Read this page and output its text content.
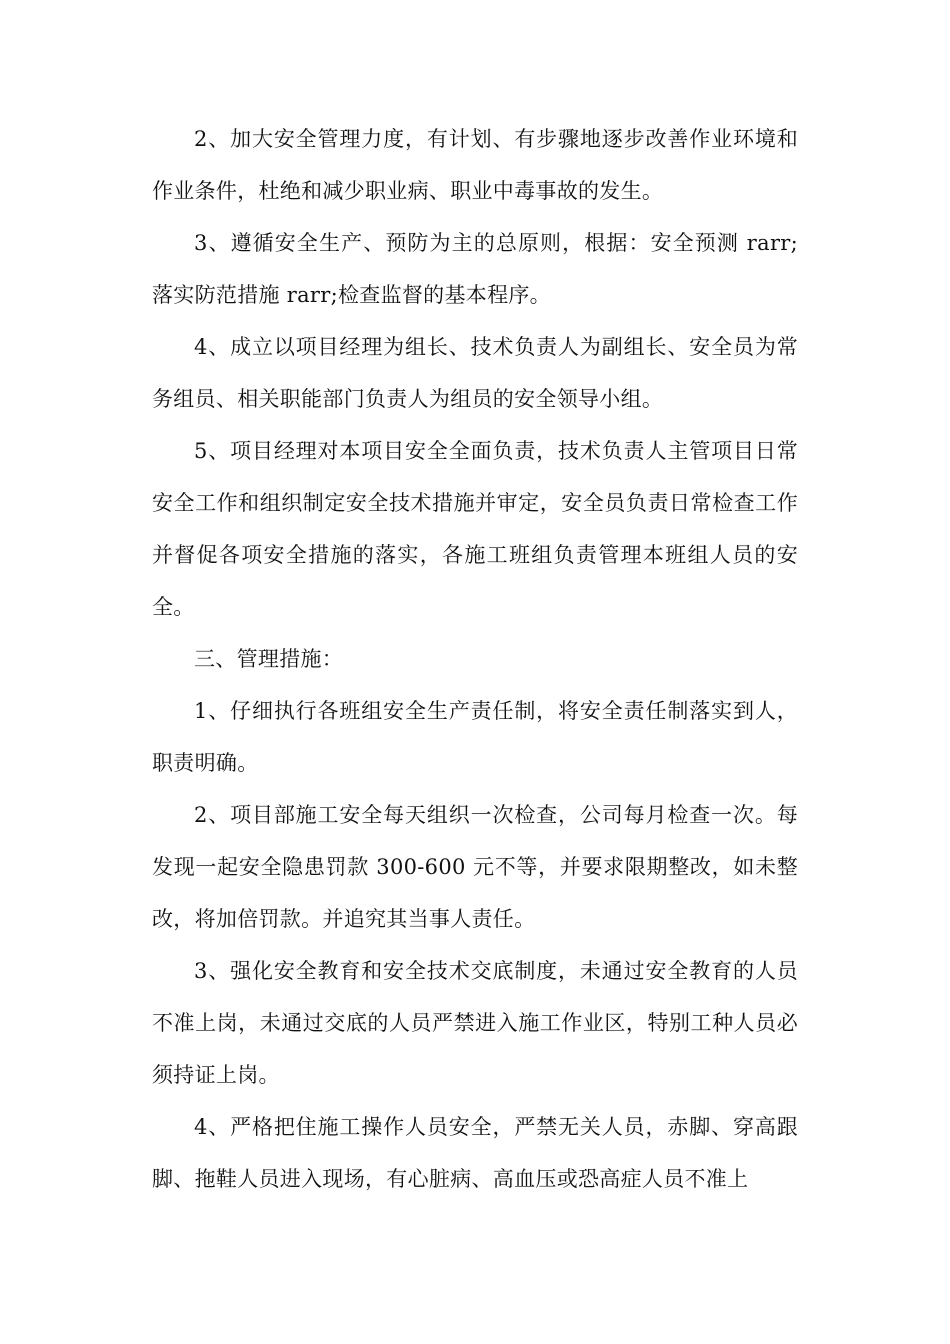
2、加大安全管理力度，有计划、有步骤地逐步改善作业环境和作业条件，杜绝和减少职业病、职业中毒事故的发生。

3、遵循安全生产、预防为主的总原则，根据：安全预测 rarr;落实防范措施 rarr;检查监督的基本程序。

4、成立以项目经理为组长、技术负责人为副组长、安全员为常务组员、相关职能部门负责人为组员的安全领导小组。

5、项目经理对本项目安全全面负责，技术负责人主管项目日常安全工作和组织制定安全技术措施并审定，安全员负责日常检查工作并督促各项安全措施的落实，各施工班组负责管理本班组人员的安全。

三、管理措施：

1、仔细执行各班组安全生产责任制，将安全责任制落实到人，职责明确。

2、项目部施工安全每天组织一次检查，公司每月检查一次。每发现一起安全隐患罚款 300-600 元不等，并要求限期整改，如未整改，将加倍罚款。并追究其当事人责任。

3、强化安全教育和安全技术交底制度，未通过安全教育的人员不准上岗，未通过交底的人员严禁进入施工作业区，特别工种人员必须持证上岗。

4、严格把住施工操作人员安全，严禁无关人员，赤脚、穿高跟脚、拖鞋人员进入现场，有心脏病、高血压或恐高症人员不准上
